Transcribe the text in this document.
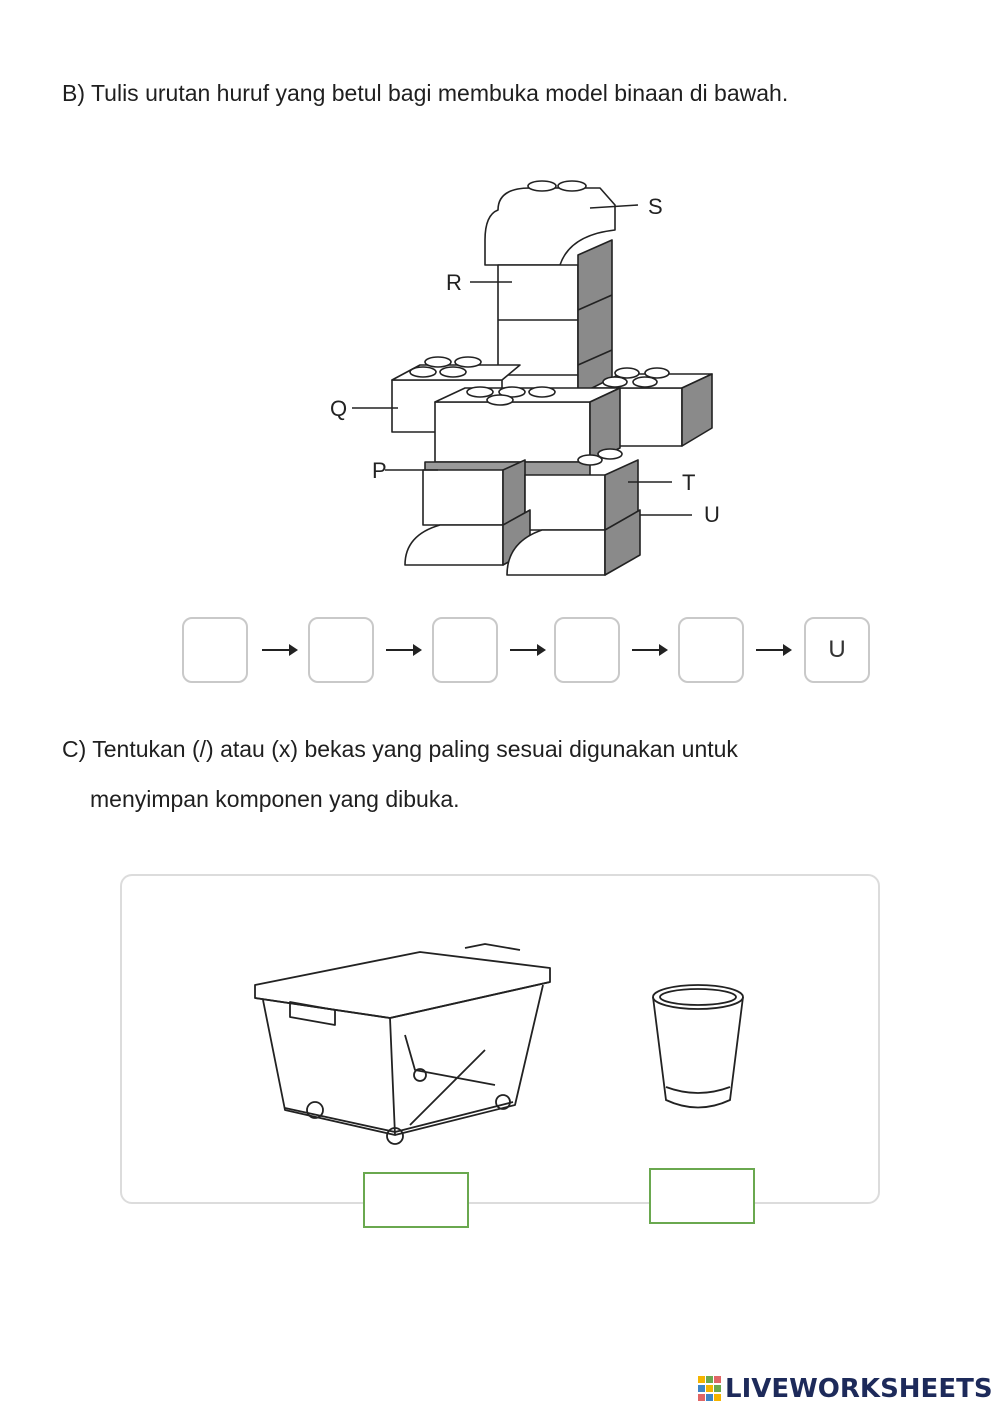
B) Tulis urutan huruf yang betul bagi membuka model binaan di bawah.
S
R
Q
P	T
U
U
C) Tentukan (/) atau (x) bekas yang paling sesuai digunakan untuk
menyimpan komponen yang dibuka.
LIVEWORKSHEETS
